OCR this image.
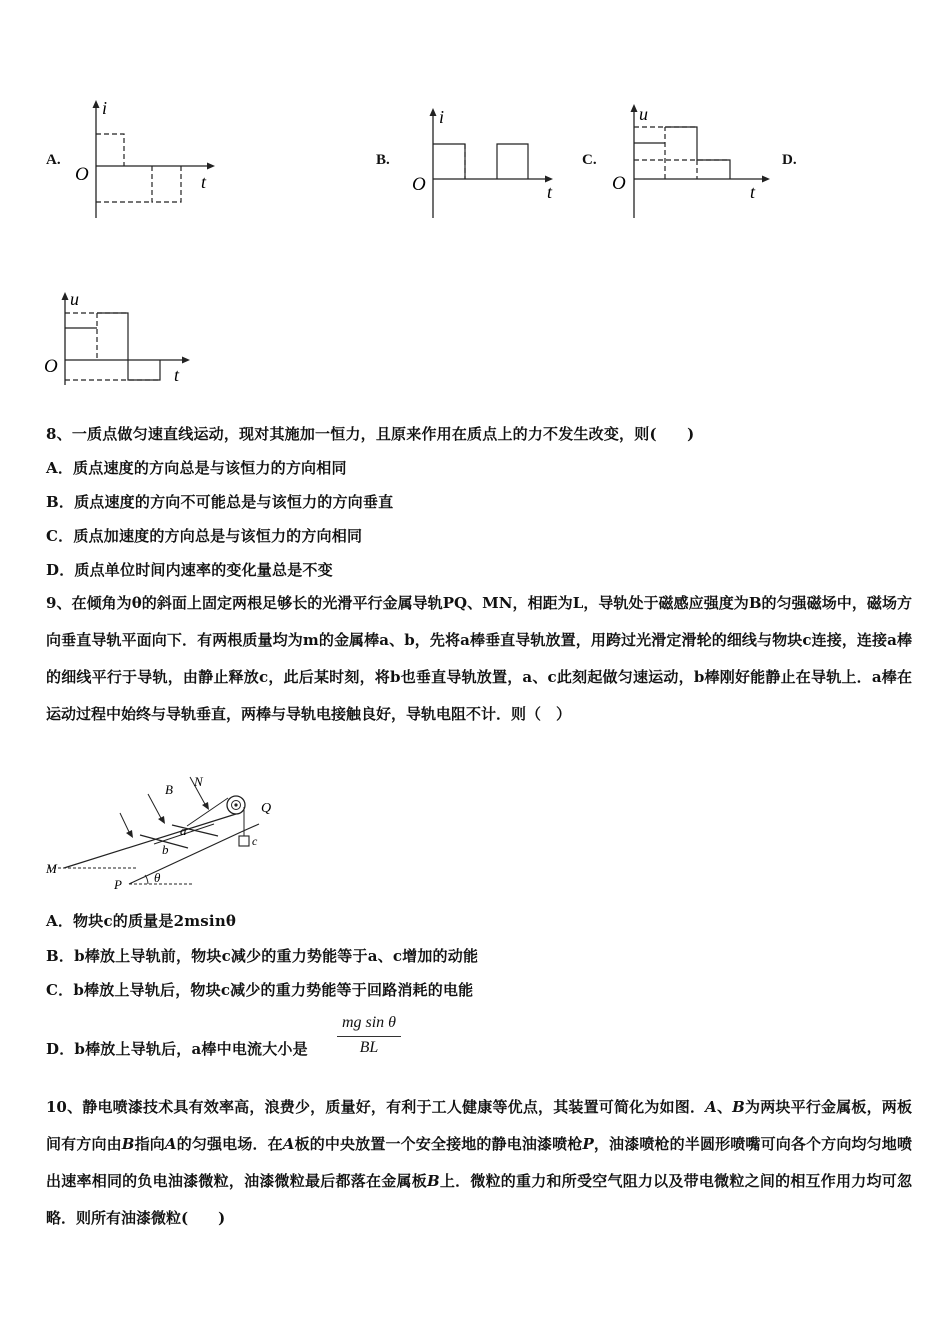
A.
i
O	t
B.
i
O	t
C.
u
O	t
D.
u
O	t
8、一质点做匀速直线运动，现对其施加一恒力，且原来作用在质点上的力不发生改变，则(　　)
A．质点速度的方向总是与该恒力的方向相同
B．质点速度的方向不可能总是与该恒力的方向垂直
C．质点加速度的方向总是与该恒力的方向相同
D．质点单位时间内速率的变化量总是不变
9、在倾角为θ的斜面上固定两根足够长的光滑平行金属导轨PQ、MN，相距为L，导轨处于磁感应强度为B的匀强磁场中，磁场方向垂直导轨平面向下．有两根质量均为m的金属棒a、b，先将a棒垂直导轨放置，用跨过光滑定滑轮的细线与物块c连接，连接a棒的细线平行于导轨，由静止释放c，此后某时刻，将b也垂直导轨放置，a、c此刻起做匀速运动，b棒刚好能静止在导轨上．a棒在运动过程中始终与导轨垂直，两棒与导轨电接触良好，导轨电阻不计．则（　）
B
N
Q
a
b
c
M
P θ
A．物块c的质量是2msinθ
B．b棒放上导轨前，物块c减少的重力势能等于a、c增加的动能
C．b棒放上导轨后，物块c减少的重力势能等于回路消耗的电能
D．b棒放上导轨后，a棒中电流大小是
mg sin θ
BL
10、静电喷漆技术具有效率高，浪费少，质量好，有利于工人健康等优点，其装置可简化为如图．A、B为两块平行金属板，两板间有方向由B指向A的匀强电场．在A板的中央放置一个安全接地的静电油漆喷枪P，油漆喷枪的半圆形喷嘴可向各个方向均匀地喷出速率相同的负电油漆微粒，油漆微粒最后都落在金属板B上．微粒的重力和所受空气阻力以及带电微粒之间的相互作用力均可忽略．则所有油漆微粒(　　)
